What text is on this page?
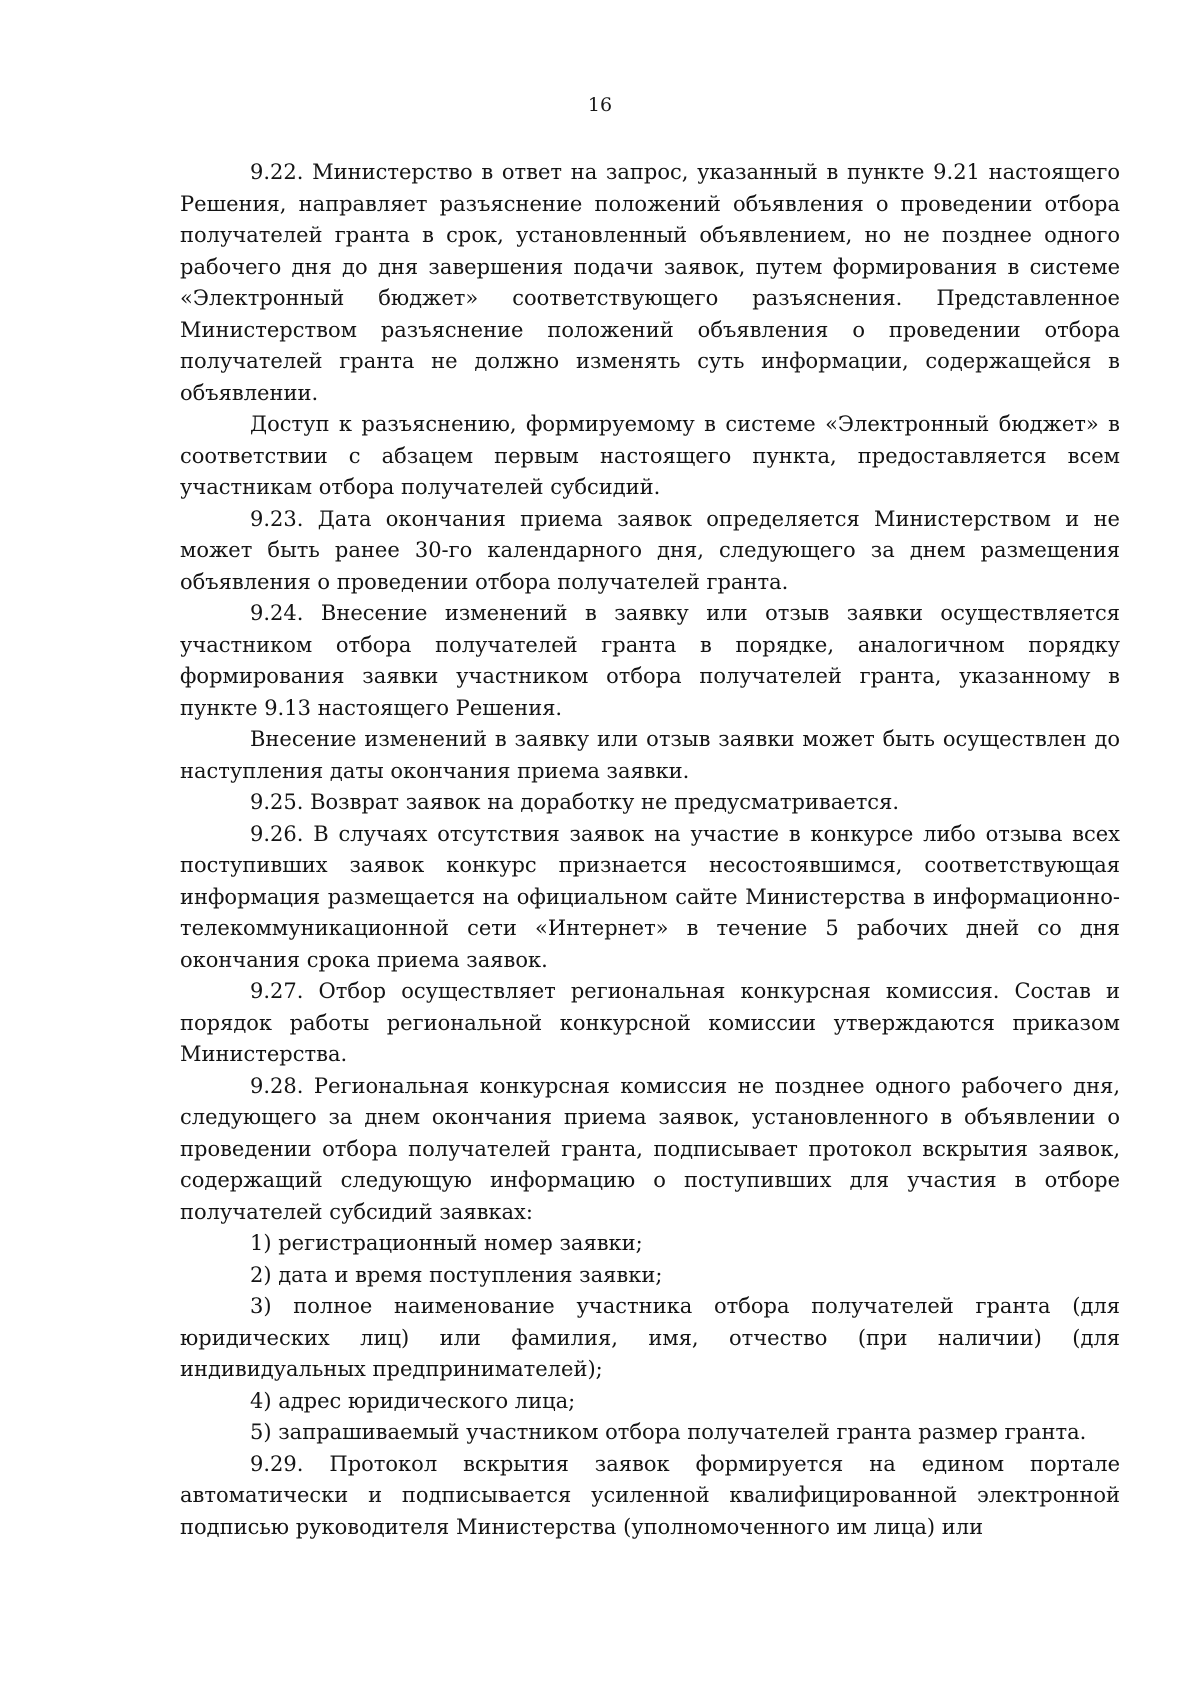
16

9.22. Министерство в ответ на запрос, указанный в пункте 9.21 настоящего Решения, направляет разъяснение положений объявления о проведении отбора получателей гранта в срок, установленный объявлением, но не позднее одного рабочего дня до дня завершения подачи заявок, путем формирования в системе «Электронный бюджет» соответствующего разъяснения. Представленное Министерством разъяснение положений объявления о проведении отбора получателей гранта не должно изменять суть информации, содержащейся в объявлении.

Доступ к разъяснению, формируемому в системе «Электронный бюджет» в соответствии с абзацем первым настоящего пункта, предоставляется всем участникам отбора получателей субсидий.

9.23. Дата окончания приема заявок определяется Министерством и не может быть ранее 30-го календарного дня, следующего за днем размещения объявления о проведении отбора получателей гранта.

9.24. Внесение изменений в заявку или отзыв заявки осуществляется участником отбора получателей гранта в порядке, аналогичном порядку формирования заявки участником отбора получателей гранта, указанному в пункте 9.13 настоящего Решения.

Внесение изменений в заявку или отзыв заявки может быть осуществлен до наступления даты окончания приема заявки.

9.25. Возврат заявок на доработку не предусматривается.

9.26. В случаях отсутствия заявок на участие в конкурсе либо отзыва всех поступивших заявок конкурс признается несостоявшимся, соответствующая информация размещается на официальном сайте Министерства в информационно-телекоммуникационной сети «Интернет» в течение 5 рабочих дней со дня окончания срока приема заявок.

9.27. Отбор осуществляет региональная конкурсная комиссия. Состав и порядок работы региональной конкурсной комиссии утверждаются приказом Министерства.

9.28. Региональная конкурсная комиссия не позднее одного рабочего дня, следующего за днем окончания приема заявок, установленного в объявлении о проведении отбора получателей гранта, подписывает протокол вскрытия заявок, содержащий следующую информацию о поступивших для участия в отборе получателей субсидий заявках:

1) регистрационный номер заявки;

2) дата и время поступления заявки;

3) полное наименование участника отбора получателей гранта (для юридических лиц) или фамилия, имя, отчество (при наличии) (для индивидуальных предпринимателей);

4) адрес юридического лица;

5) запрашиваемый участником отбора получателей гранта размер гранта.

9.29. Протокол вскрытия заявок формируется на едином портале автоматически и подписывается усиленной квалифицированной электронной подписью руководителя Министерства (уполномоченного им лица) или
